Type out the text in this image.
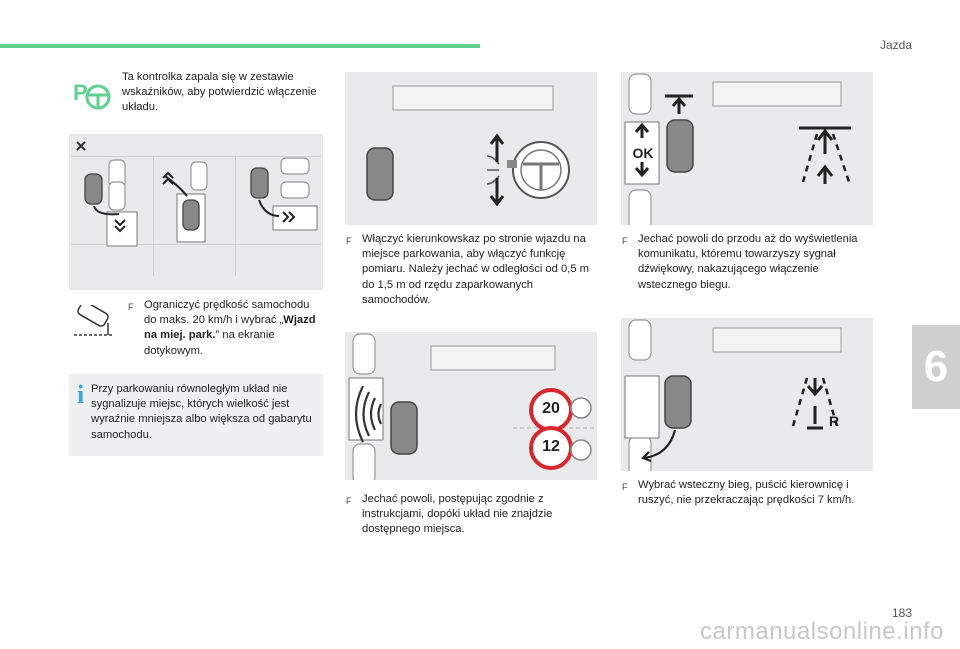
Jazda
6
183
carmanualsonline.info
P
Ta kontrolka zapala się w zestawie wskaźników, aby potwierdzić włączenie układu.
F Ograniczyć prędkość samochodu do maks. 20 km/h i wybrać „Wjazd na miej. park.” na ekranie dotykowym.
i Przy parkowaniu równoległym układ nie sygnalizuje miejsc, których wielkość jest wyraźnie mniejsza albo większa od gabarytu samochodu.
F Włączyć kierunkowskaz po stronie wjazdu na miejsce parkowania, aby włączyć funkcję pomiaru. Należy jechać w odległości od 0,5 m do 1,5 m od rzędu zaparkowanych samochodów.
20
12
F Jechać powoli, postępując zgodnie z instrukcjami, dopóki układ nie znajdzie dostępnego miejsca.
OK
F Jechać powoli do przodu aż do wyświetlenia komunikatu, któremu towarzyszy sygnał dźwiękowy, nakazującego włączenie wstecznego biegu.
R
F Wybrać wsteczny bieg, puścić kierownicę i ruszyć, nie przekraczając prędkości 7 km/h.
